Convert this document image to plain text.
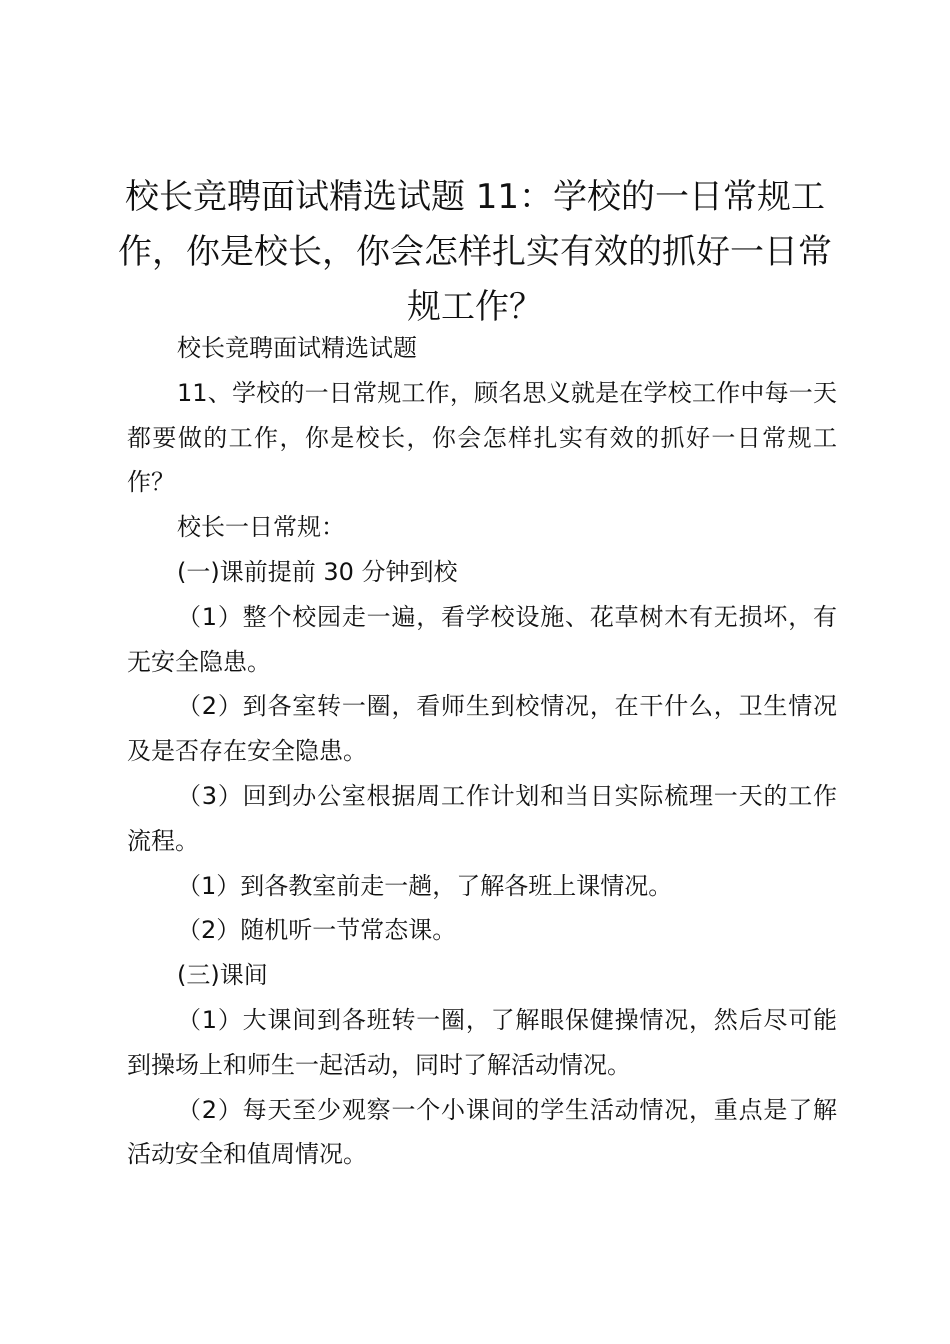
校长竞聘面试精选试题 11：学校的一日常规工作，你是校长，你会怎样扎实有效的抓好一日常规工作？

校长竞聘面试精选试题

11、学校的一日常规工作，顾名思义就是在学校工作中每一天都要做的工作，你是校长，你会怎样扎实有效的抓好一日常规工作？

校长一日常规：

(一)课前提前 30 分钟到校

（1）整个校园走一遍，看学校设施、花草树木有无损坏，有无安全隐患。

（2）到各室转一圈，看师生到校情况，在干什么，卫生情况及是否存在安全隐患。

（3）回到办公室根据周工作计划和当日实际梳理一天的工作流程。

（1）到各教室前走一趟，了解各班上课情况。

（2）随机听一节常态课。

(三)课间

（1）大课间到各班转一圈，了解眼保健操情况，然后尽可能到操场上和师生一起活动，同时了解活动情况。

（2）每天至少观察一个小课间的学生活动情况，重点是了解活动安全和值周情况。
